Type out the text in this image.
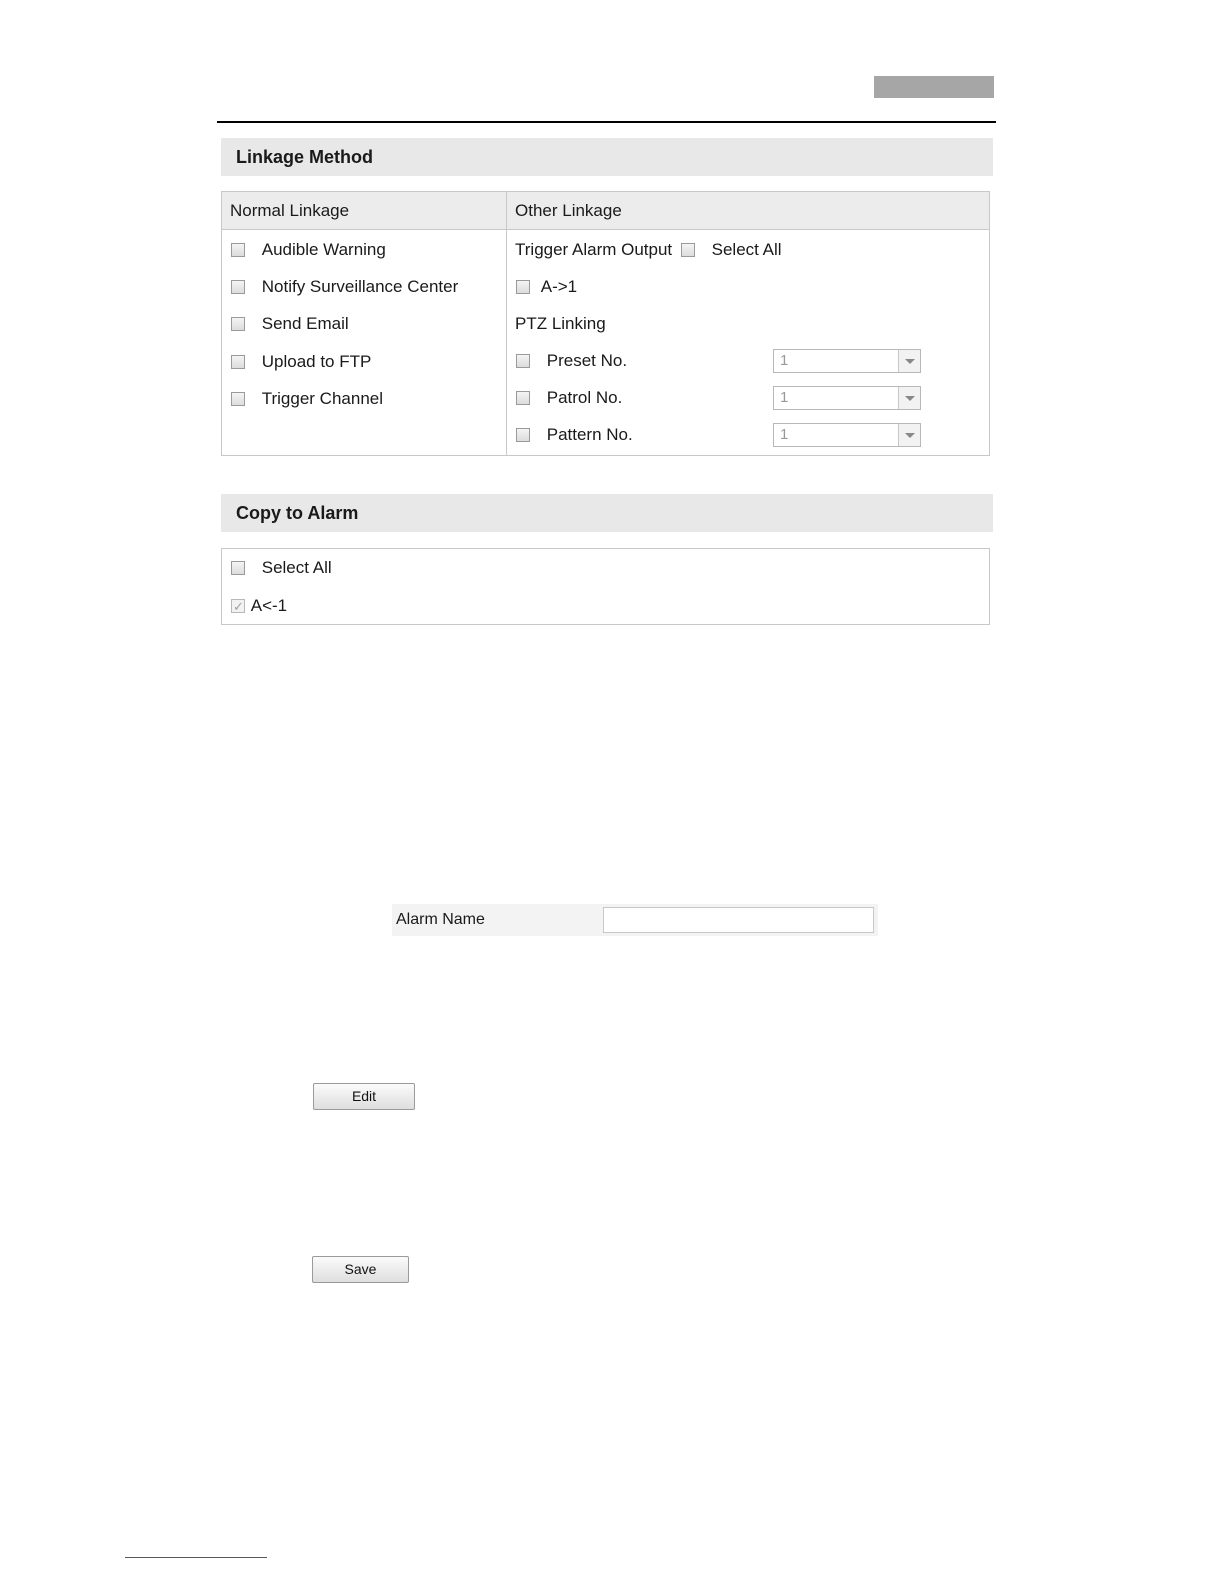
Linkage Method
Normal Linkage	Other Linkage
Audible Warning
Notify Surveillance Center
Send Email
Upload to FTP
Trigger Channel
Trigger Alarm Output Select All
A->1
PTZ Linking
Preset No.	1
Patrol No.	1
Pattern No.	1
Copy to Alarm
Select All
✓ A<-1
Alarm Name
Edit
Save
